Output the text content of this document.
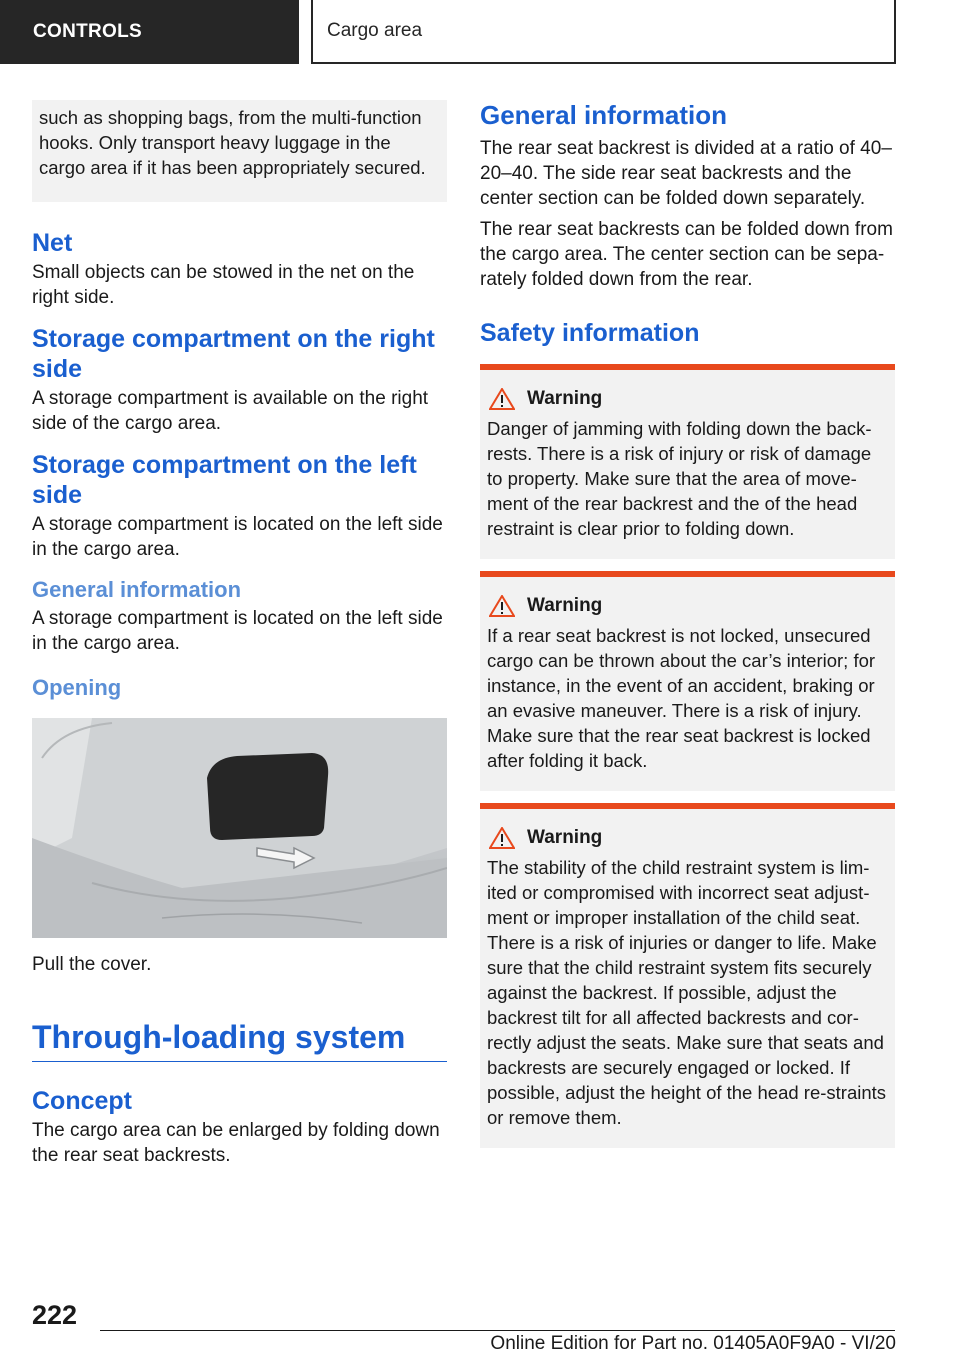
CONTROLS	Cargo area

such as shopping bags, from the multi-function hooks. Only transport heavy luggage in the cargo area if it has been appropriately secured.

Net

Small objects can be stowed in the net on the right side.

Storage compartment on the right side

A storage compartment is available on the right side of the cargo area.

Storage compartment on the left side

A storage compartment is located on the left side in the cargo area.

General information

A storage compartment is located on the left side in the cargo area.

Opening

Pull the cover.

Through-loading system
Concept

The cargo area can be enlarged by folding down the rear seat backrests.

General information

The rear seat backrest is divided at a ratio of 40–20–40. The side rear seat backrests and the center section can be folded down separately.

The rear seat backrests can be folded down from the cargo area. The center section can be sepa-rately folded down from the rear.

Safety information
Warning

Danger of jamming with folding down the back-rests. There is a risk of injury or risk of damage to property. Make sure that the area of move-ment of the rear backrest and the of the head restraint is clear prior to folding down.

Warning

If a rear seat backrest is not locked, unsecured cargo can be thrown about the car’s interior; for instance, in the event of an accident, braking or an evasive maneuver. There is a risk of injury. Make sure that the rear seat backrest is locked after folding it back.

Warning

The stability of the child restraint system is lim-ited or compromised with incorrect seat adjust-ment or improper installation of the child seat. There is a risk of injuries or danger to life. Make sure that the child restraint system fits securely against the backrest. If possible, adjust the backrest tilt for all affected backrests and cor-rectly adjust the seats. Make sure that seats and backrests are securely engaged or locked. If possible, adjust the height of the head re-straints or remove them.

222
Online Edition for Part no. 01405A0F9A0 - VI/20
